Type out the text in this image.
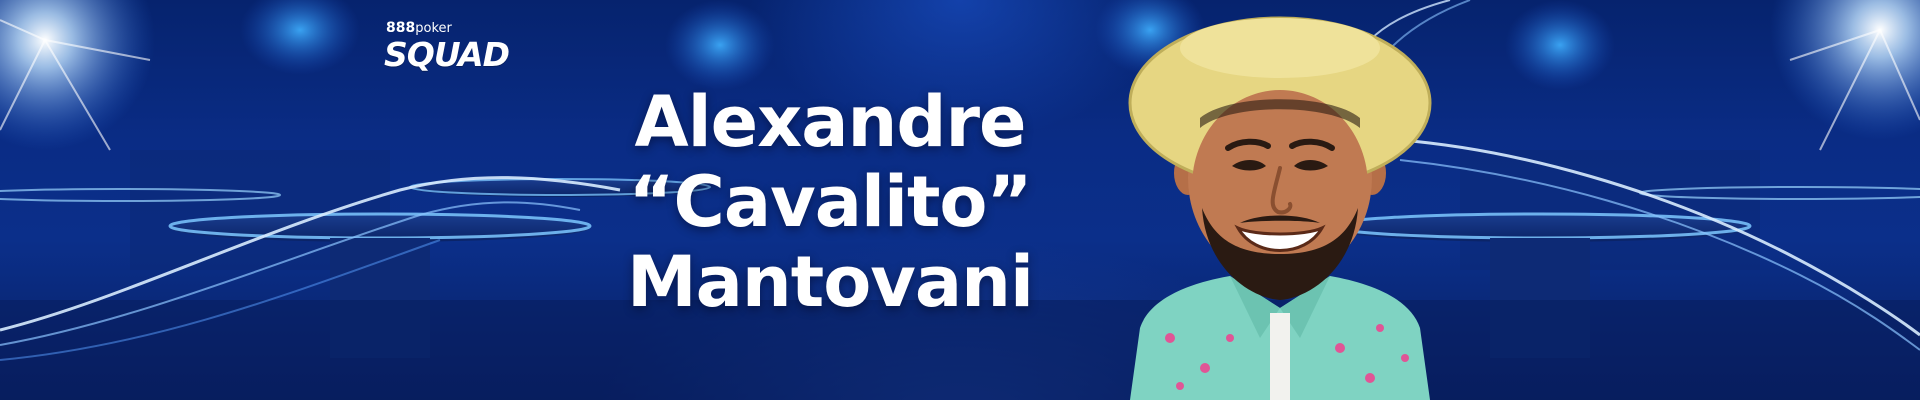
888poker
SQUAD
Alexandre
“Cavalito”
Mantovani
